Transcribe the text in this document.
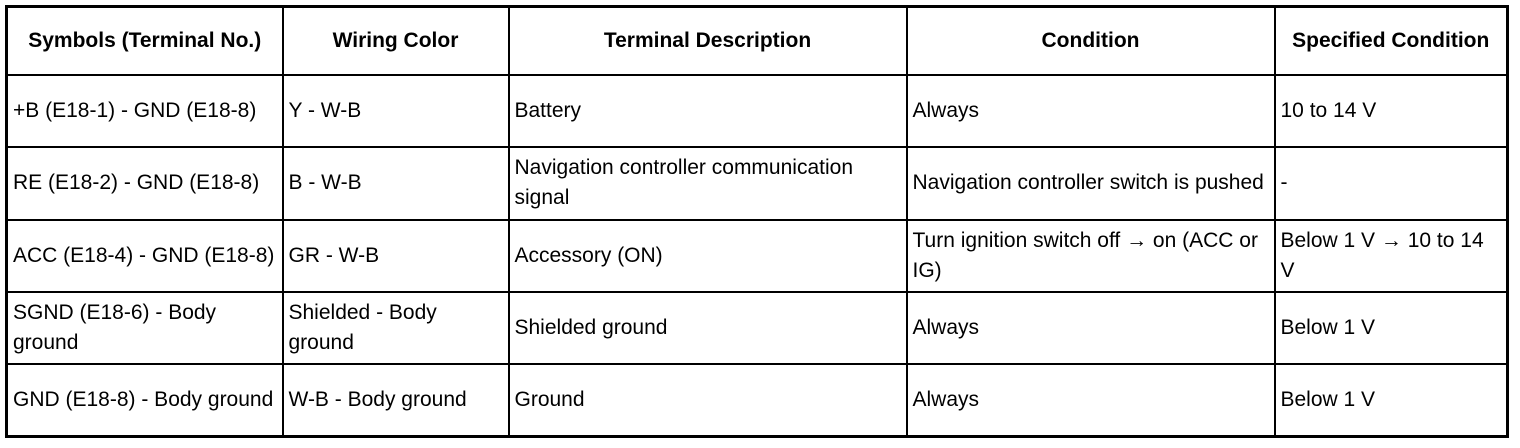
Symbols (Terminal No.)	Wiring Color	Terminal Description	Condition	Specified Condition
+B (E18-1) - GND (E18-8)	Y - W-B	Battery	Always	10 to 14 V
RE (E18-2) - GND (E18-8)	B - W-B	Navigation controller communication signal	Navigation controller switch is pushed	-
ACC (E18-4) - GND (E18-8)	GR - W-B	Accessory (ON)	Turn ignition switch off → on (ACC or IG)	Below 1 V → 10 to 14 V
SGND (E18-6) - Body ground	Shielded - Body ground	Shielded ground	Always	Below 1 V
GND (E18-8) - Body ground	W-B - Body ground	Ground	Always	Below 1 V
